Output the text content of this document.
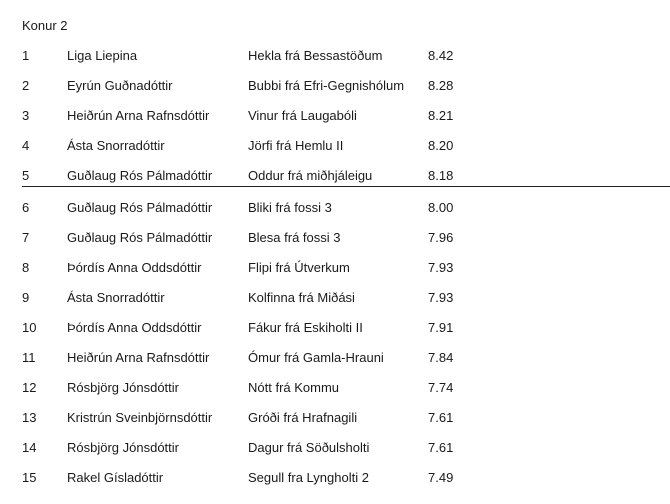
Konur 2
1	Liga Liepina	Hekla frá Bessastöðum	8.42
2	Eyrún Guðnadóttir	Bubbi frá Efri-Gegnishólum 8.28
3	Heiðrún Arna Rafnsdóttir	Vinur frá Laugabóli	8.21
4	Ásta Snorradóttir	Jörfi frá Hemlu II	8.20
5	Guðlaug Rós Pálmadóttir	Oddur frá miðhjáleigu	8.18
6	Guðlaug Rós Pálmadóttir	Bliki frá fossi 3	8.00
7	Guðlaug Rós Pálmadóttir	Blesa frá fossi 3	7.96
8	Þórdís Anna Oddsdóttir	Flipi frá Útverkum	7.93
9	Ásta Snorradóttir	Kolfinna frá Miðási	7.93
10 Þórdís Anna Oddsdóttir	Fákur frá Eskiholti II	7.91
11 Heiðrún Arna Rafnsdóttir	Ómur frá Gamla-Hrauni	7.84
12 Rósbjörg Jónsdóttir	Nótt frá Kommu	7.74
13 Kristrún Sveinbjörnsdóttir	Gróði frá Hrafnagili	7.61
14 Rósbjörg Jónsdóttir	Dagur frá Söðulsholti	7.61
15 Rakel Gísladóttir	Segull fra Lyngholti 2	7.49
